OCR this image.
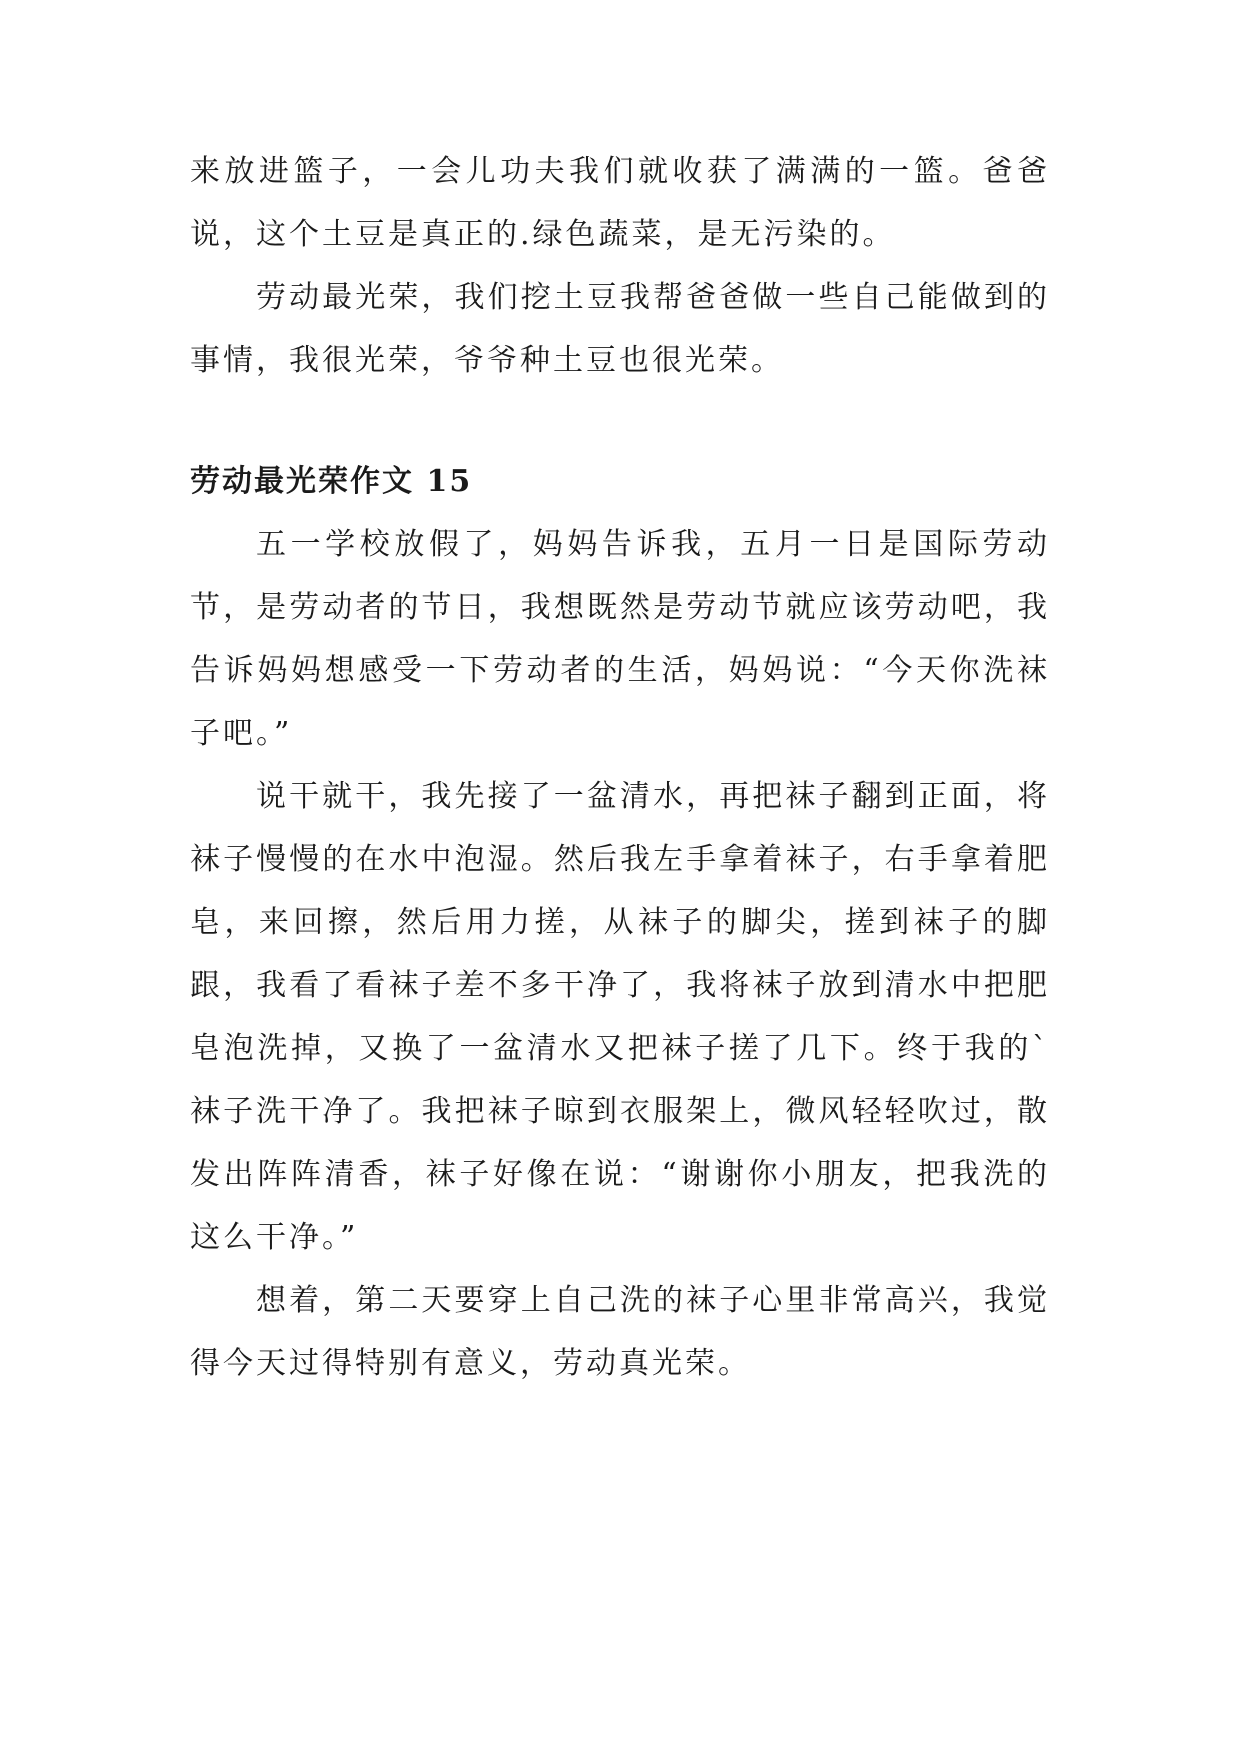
来放进篮子，一会儿功夫我们就收获了满满的一篮。爸爸说，这个土豆是真正的.绿色蔬菜，是无污染的。

劳动最光荣，我们挖土豆我帮爸爸做一些自己能做到的事情，我很光荣，爷爷种土豆也很光荣。

劳动最光荣作文 15

五一学校放假了，妈妈告诉我，五月一日是国际劳动节，是劳动者的节日，我想既然是劳动节就应该劳动吧，我告诉妈妈想感受一下劳动者的生活，妈妈说：“今天你洗袜子吧。”

说干就干，我先接了一盆清水，再把袜子翻到正面，将袜子慢慢的在水中泡湿。然后我左手拿着袜子，右手拿着肥皂，来回擦，然后用力搓，从袜子的脚尖，搓到袜子的脚跟，我看了看袜子差不多干净了，我将袜子放到清水中把肥皂泡洗掉，又换了一盆清水又把袜子搓了几下。终于我的`袜子洗干净了。我把袜子晾到衣服架上，微风轻轻吹过，散发出阵阵清香，袜子好像在说：“谢谢你小朋友，把我洗的这么干净。”

想着，第二天要穿上自己洗的袜子心里非常高兴，我觉得今天过得特别有意义，劳动真光荣。
